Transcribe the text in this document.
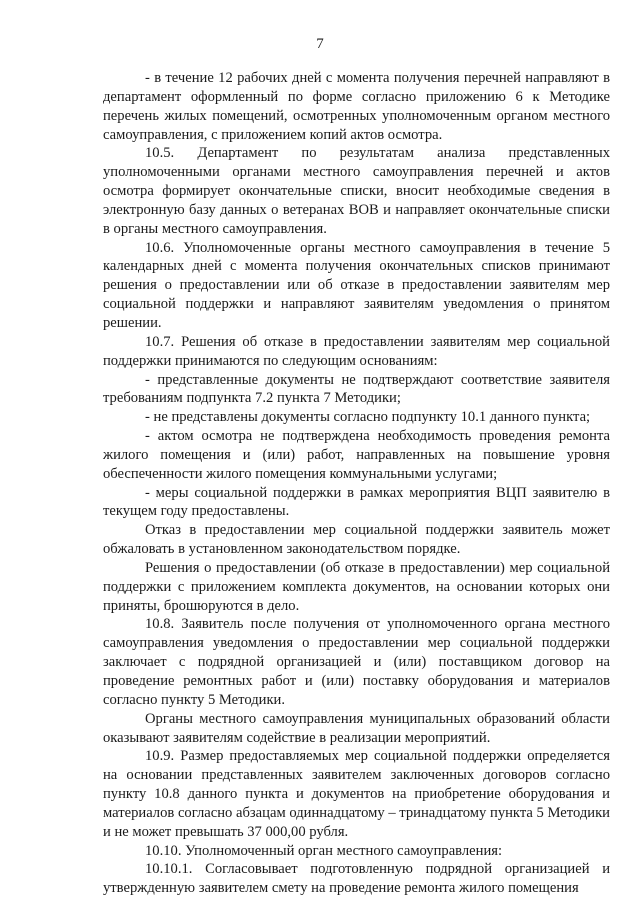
7

- в течение 12 рабочих дней с момента получения перечней направляют в департамент оформленный по форме согласно приложению 6 к Методике перечень жилых помещений, осмотренных уполномоченным органом местного самоуправления, с приложением копий актов осмотра.

10.5. Департамент по результатам анализа представленных уполномоченными органами местного самоуправления перечней и актов осмотра формирует окончательные списки, вносит необходимые сведения в электронную базу данных о ветеранах ВОВ и направляет окончательные списки в органы местного самоуправления.

10.6. Уполномоченные органы местного самоуправления в течение 5 календарных дней с момента получения окончательных списков принимают решения о предоставлении или об отказе в предоставлении заявителям мер социальной поддержки и направляют заявителям уведомления о принятом решении.

10.7. Решения об отказе в предоставлении заявителям мер социальной поддержки принимаются по следующим основаниям:

- представленные документы не подтверждают соответствие заявителя требованиям подпункта 7.2 пункта 7 Методики;

- не представлены документы согласно подпункту 10.1 данного пункта;

- актом осмотра не подтверждена необходимость проведения ремонта жилого помещения и (или) работ, направленных на повышение уровня обеспеченности жилого помещения коммунальными услугами;

- меры социальной поддержки в рамках мероприятия ВЦП заявителю в текущем году предоставлены.

Отказ в предоставлении мер социальной поддержки заявитель может обжаловать в установленном законодательством порядке.

Решения о предоставлении (об отказе в предоставлении) мер социальной поддержки с приложением комплекта документов, на основании которых они приняты, брошюруются в дело.

10.8. Заявитель после получения от уполномоченного органа местного самоуправления уведомления о предоставлении мер социальной поддержки заключает с подрядной организацией и (или) поставщиком договор на проведение ремонтных работ и (или) поставку оборудования и материалов согласно пункту 5 Методики.

Органы местного самоуправления муниципальных образований области оказывают заявителям содействие в реализации мероприятий.

10.9. Размер предоставляемых мер социальной поддержки определяется на основании представленных заявителем заключенных договоров согласно пункту 10.8 данного пункта и документов на приобретение оборудования и материалов согласно абзацам одиннадцатому – тринадцатому пункта 5 Методики и не может превышать 37 000,00 рубля.

10.10. Уполномоченный орган местного самоуправления:

10.10.1. Согласовывает подготовленную подрядной организацией и утвержденную заявителем смету на проведение ремонта жилого помещения
